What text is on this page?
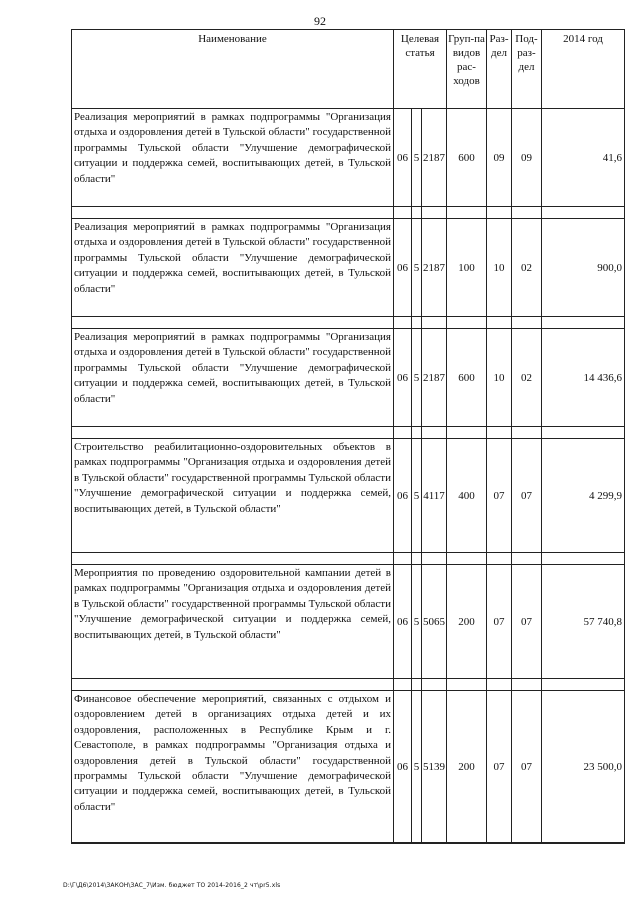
92
Наименование	Целевая статья			Груп-па видов рас-ходов	Раз-дел	Под-раз-дел	2014 год
Реализация мероприятий в рамках подпрограммы "Организация отдыха и оздоровления детей в Тульской области" государственной программы Тульской области "Улучшение демографической ситуации и поддержка семей, воспитывающих детей, в Тульской области"	06	5	2187	600	09	09	41,6

Реализация мероприятий в рамках подпрограммы "Организация отдыха и оздоровления детей в Тульской области" государственной программы Тульской области "Улучшение демографической ситуации и поддержка семей, воспитывающих детей, в Тульской области"	06	5	2187	100	10	02	900,0

Реализация мероприятий в рамках подпрограммы "Организация отдыха и оздоровления детей в Тульской области" государственной программы Тульской области "Улучшение демографической ситуации и поддержка семей, воспитывающих детей, в Тульской области"	06	5	2187	600	10	02	14 436,6

Строительство реабилитационно-оздоровительных объектов в рамках подпрограммы "Организация отдыха и оздоровления детей в Тульской области" государственной программы Тульской области "Улучшение демографической ситуации и поддержка семей, воспитывающих детей, в Тульской области"	06	5	4117	400	07	07	4 299,9

Мероприятия по проведению оздоровительной кампании детей в рамках подпрограммы "Организация отдыха и оздоровления детей в Тульской области" государственной программы Тульской области "Улучшение демографической ситуации и поддержка семей, воспитывающих детей, в Тульской области"	06	5	5065	200	07	07	57 740,8

Финансовое обеспечение мероприятий, связанных с отдыхом и оздоровлением детей в организациях отдыха детей и их оздоровления, расположенных в Республике Крым и г. Севастополе, в рамках подпрограммы "Организация отдыха и оздоровления детей в Тульской области" государственной программы Тульской области "Улучшение демографической ситуации и поддержка семей, воспитывающих детей, в Тульской области"	06	5	5139	200	07	07	23 500,0

D:\Г\Д6\2014\ЗАКОН\ЗАС_7\Изм. бюджет ТО 2014-2016_2 чт\pr5.xls
